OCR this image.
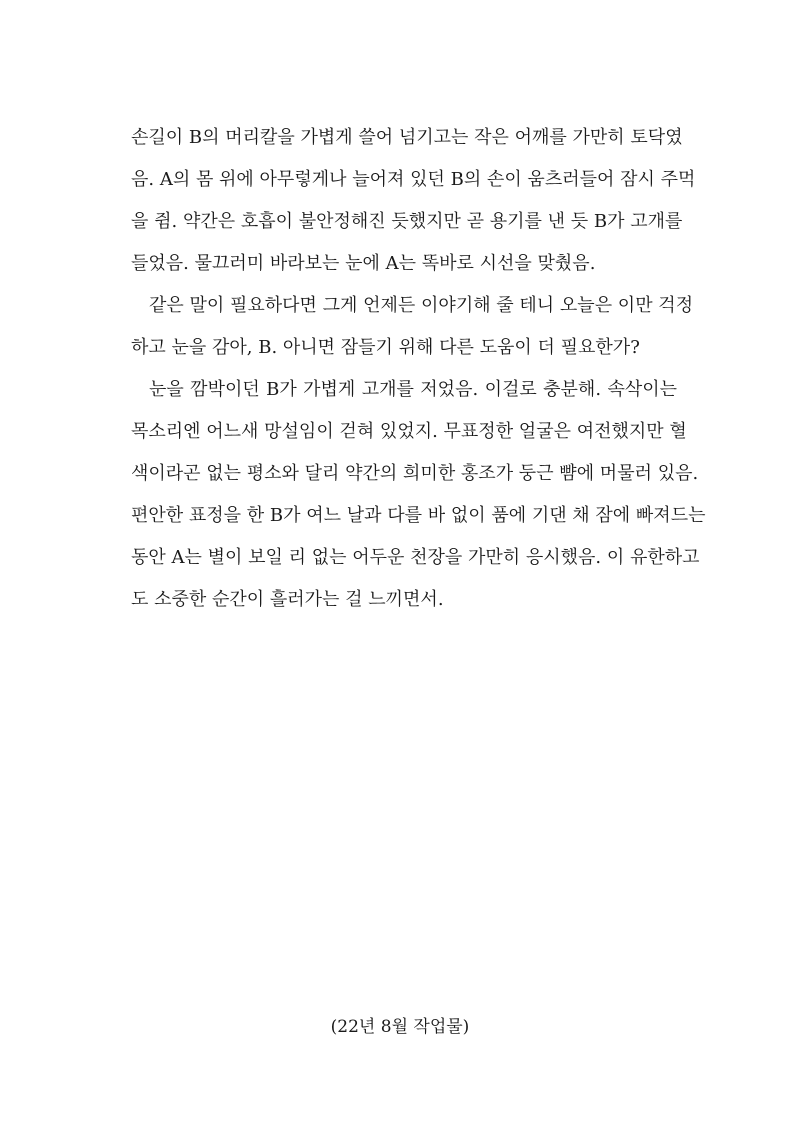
손길이 B의 머리칼을 가볍게 쓸어 넘기고는 작은 어깨를 가만히 토닥였
음. A의 몸 위에 아무렇게나 늘어져 있던 B의 손이 움츠러들어 잠시 주먹
을 쥠. 약간은 호흡이 불안정해진 듯했지만 곧 용기를 낸 듯 B가 고개를
들었음. 물끄러미 바라보는 눈에 A는 똑바로 시선을 맞췄음.
같은 말이 필요하다면 그게 언제든 이야기해 줄 테니 오늘은 이만 걱정
하고 눈을 감아, B. 아니면 잠들기 위해 다른 도움이 더 필요한가?
눈을 깜박이던 B가 가볍게 고개를 저었음. 이걸로 충분해. 속삭이는
목소리엔 어느새 망설임이 걷혀 있었지. 무표정한 얼굴은 여전했지만 혈
색이라곤 없는 평소와 달리 약간의 희미한 홍조가 둥근 뺨에 머물러 있음.
편안한 표정을 한 B가 여느 날과 다를 바 없이 품에 기댄 채 잠에 빠져드는
동안 A는 별이 보일 리 없는 어두운 천장을 가만히 응시했음. 이 유한하고
도 소중한 순간이 흘러가는 걸 느끼면서.
(22년 8월 작업물)
